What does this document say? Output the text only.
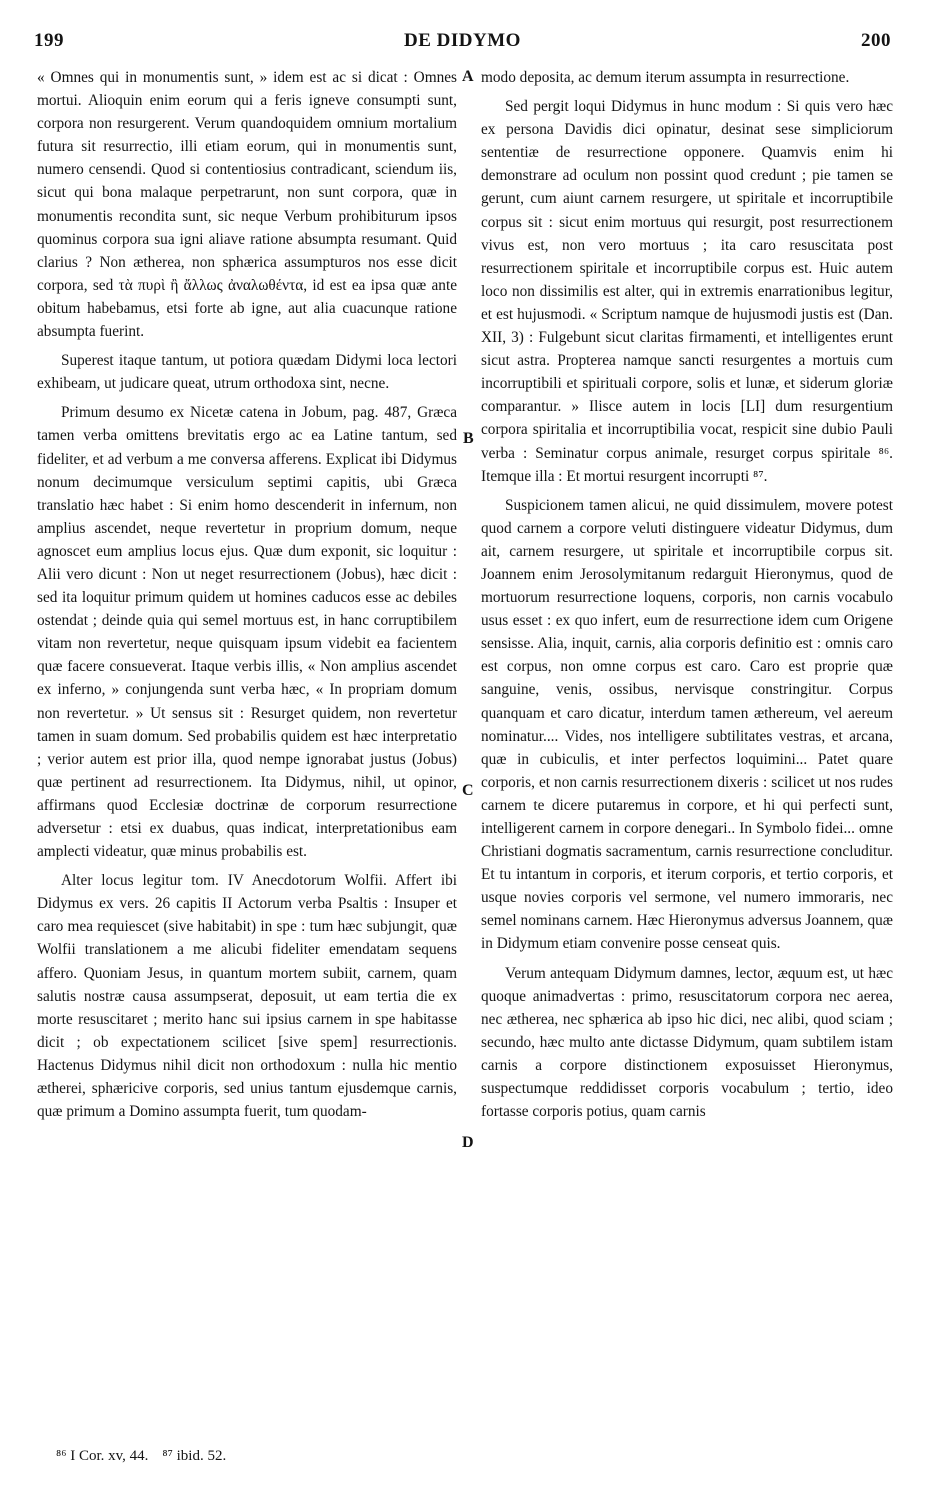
199	DE DIDYMO	200
A
B
C
D

« Omnes qui in monumentis sunt, » idem est ac si dicat : Omnes mortui. Alioquin enim eorum qui a feris igneve consumpti sunt, corpora non resurgerent. Verum quandoquidem omnium mortalium futura sit resurrectio, illi etiam eorum, qui in monumentis sunt, numero censendi. Quod si contentiosius contradicant, sciendum iis, sicut qui bona malaque perpetrarunt, non sunt corpora, quæ in monumentis recondita sunt, sic neque Verbum prohibiturum ipsos quominus corpora sua igni aliave ratione absumpta resumant. Quid clarius ? Non ætherea, non sphærica assumpturos nos esse dicit corpora, sed τὰ πυρὶ ἢ ἄλλως ἀναλωθέντα, id est ea ipsa quæ ante obitum habebamus, etsi forte ab igne, aut alia cuacunque ratione absumpta fuerint.

Superest itaque tantum, ut potiora quædam Didymi loca lectori exhibeam, ut judicare queat, utrum orthodoxa sint, necne.

Primum desumo ex Nicetæ catena in Jobum, pag. 487, Græca tamen verba omittens brevitatis ergo ac ea Latine tantum, sed fideliter, et ad verbum a me conversa afferens. Explicat ibi Didymus nonum decimumque versiculum septimi capitis, ubi Græca translatio hæc habet : Si enim homo descenderit in infernum, non amplius ascendet, neque revertetur in proprium domum, neque agnoscet eum amplius locus ejus. Quæ dum exponit, sic loquitur : Alii vero dicunt : Non ut neget resurrectionem (Jobus), hæc dicit : sed ita loquitur primum quidem ut homines caducos esse ac debiles ostendat ; deinde quia qui semel mortuus est, in hanc corruptibilem vitam non revertetur, neque quisquam ipsum videbit ea facientem quæ facere consueverat. Itaque verbis illis, « Non amplius ascendet ex inferno, » conjungenda sunt verba hæc, « In propriam domum non revertetur. » Ut sensus sit : Resurget quidem, non revertetur tamen in suam domum. Sed probabilis quidem est hæc interpretatio ; verior autem est prior illa, quod nempe ignorabat justus (Jobus) quæ pertinent ad resurrectionem. Ita Didymus, nihil, ut opinor, affirmans quod Ecclesiæ doctrinæ de corporum resurrectione adversetur : etsi ex duabus, quas indicat, interpretationibus eam amplecti videatur, quæ minus probabilis est.

Alter locus legitur tom. IV Anecdotorum Wolfii. Affert ibi Didymus ex vers. 26 capitis II Actorum verba Psaltis : Insuper et caro mea requiescet (sive habitabit) in spe : tum hæc subjungit, quæ Wolfii translationem a me alicubi fideliter emendatam sequens affero. Quoniam Jesus, in quantum mortem subiit, carnem, quam salutis nostræ causa assumpserat, deposuit, ut eam tertia die ex morte resuscitaret ; merito hanc sui ipsius carnem in spe habitasse dicit ; ob expectationem scilicet [sive spem] resurrectionis. Hactenus Didymus nihil dicit non orthodoxum : nulla hic mentio ætherei, sphæricive corporis, sed unius tantum ejusdemque carnis, quæ primum a Domino assumpta fuerit, tum quodam-

modo deposita, ac demum iterum assumpta in resurrectione.

Sed pergit loqui Didymus in hunc modum : Si quis vero hæc ex persona Davidis dici opinatur, desinat sese simpliciorum sententiæ de resurrectione opponere. Quamvis enim hi demonstrare ad oculum non possint quod credunt ; pie tamen se gerunt, cum aiunt carnem resurgere, ut spiritale et incorruptibile corpus sit : sicut enim mortuus qui resurgit, post resurrectionem vivus est, non vero mortuus ; ita caro resuscitata post resurrectionem spiritale et incorruptibile corpus est. Huic autem loco non dissimilis est alter, qui in extremis enarrationibus legitur, et est hujusmodi. « Scriptum namque de hujusmodi justis est (Dan. XII, 3) : Fulgebunt sicut claritas firmamenti, et intelligentes erunt sicut astra. Propterea namque sancti resurgentes a mortuis cum incorruptibili et spirituali corpore, solis et lunæ, et siderum gloriæ comparantur. » Ilisce autem in locis [LI] dum resurgentium corpora spiritalia et incorruptibilia vocat, respicit sine dubio Pauli verba : Seminatur corpus animale, resurget corpus spiritale ⁸⁶. Itemque illa : Et mortui resurgent incorrupti ⁸⁷.

Suspicionem tamen alicui, ne quid dissimulem, movere potest quod carnem a corpore veluti distinguere videatur Didymus, dum ait, carnem resurgere, ut spiritale et incorruptibile corpus sit. Joannem enim Jerosolymitanum redarguit Hieronymus, quod de mortuorum resurrectione loquens, corporis, non carnis vocabulo usus esset : ex quo infert, eum de resurrectione idem cum Origene sensisse. Alia, inquit, carnis, alia corporis definitio est : omnis caro est corpus, non omne corpus est caro. Caro est proprie quæ sanguine, venis, ossibus, nervisque constringitur. Corpus quanquam et caro dicatur, interdum tamen æthereum, vel aereum nominatur.... Vides, nos intelligere subtilitates vestras, et arcana, quæ in cubiculis, et inter perfectos loquimini... Patet quare corporis, et non carnis resurrectionem dixeris : scilicet ut nos rudes carnem te dicere putaremus in corpore, et hi qui perfecti sunt, intelligerent carnem in corpore denegari.. In Symbolo fidei... omne Christiani dogmatis sacramentum, carnis resurrectione concluditur. Et tu intantum in corporis, et iterum corporis, et tertio corporis, et usque novies corporis vel sermone, vel numero immoraris, nec semel nominans carnem. Hæc Hieronymus adversus Joannem, quæ in Didymum etiam convenire posse censeat quis.

Verum antequam Didymum damnes, lector, æquum est, ut hæc quoque animadvertas : primo, resuscitatorum corpora nec aerea, nec ætherea, nec sphærica ab ipso hic dici, nec alibi, quod sciam ; secundo, hæc multo ante dictasse Didymum, quam subtilem istam carnis a corpore distinctionem exposuisset Hieronymus, suspectumque reddidisset corporis vocabulum ; tertio, ideo fortasse corporis potius, quam carnis

⁸⁶ I Cor. xv, 44. ⁸⁷ ibid. 52.
